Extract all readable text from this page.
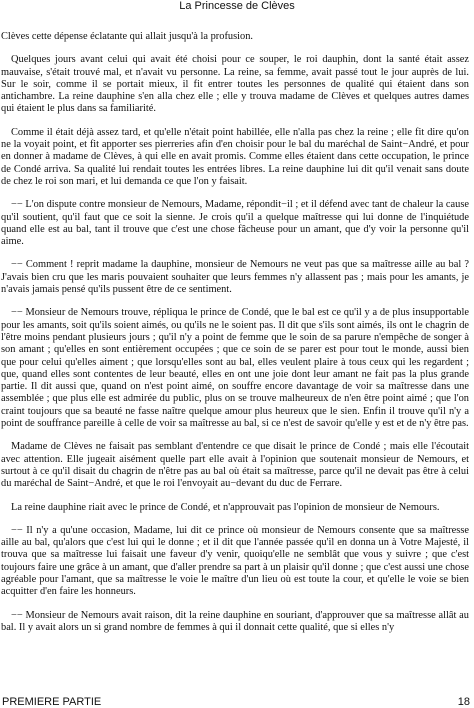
La Princesse de Clèves

Clèves cette dépense éclatante qui allait jusqu'à la profusion.

Quelques jours avant celui qui avait été choisi pour ce souper, le roi dauphin, dont la santé était assez mauvaise, s'était trouvé mal, et n'avait vu personne. La reine, sa femme, avait passé tout le jour auprès de lui. Sur le soir, comme il se portait mieux, il fit entrer toutes les personnes de qualité qui étaient dans son antichambre. La reine dauphine s'en alla chez elle ; elle y trouva madame de Clèves et quelques autres dames qui étaient le plus dans sa familiarité.

Comme il était déjà assez tard, et qu'elle n'était point habillée, elle n'alla pas chez la reine ; elle fit dire qu'on ne la voyait point, et fit apporter ses pierreries afin d'en choisir pour le bal du maréchal de Saint−André, et pour en donner à madame de Clèves, à qui elle en avait promis. Comme elles étaient dans cette occupation, le prince de Condé arriva. Sa qualité lui rendait toutes les entrées libres. La reine dauphine lui dit qu'il venait sans doute de chez le roi son mari, et lui demanda ce que l'on y faisait.

−− L'on dispute contre monsieur de Nemours, Madame, répondit−il ; et il défend avec tant de chaleur la cause qu'il soutient, qu'il faut que ce soit la sienne. Je crois qu'il a quelque maîtresse qui lui donne de l'inquiétude quand elle est au bal, tant il trouve que c'est une chose fâcheuse pour un amant, que d'y voir la personne qu'il aime.

−− Comment ! reprit madame la dauphine, monsieur de Nemours ne veut pas que sa maîtresse aille au bal ? J'avais bien cru que les maris pouvaient souhaiter que leurs femmes n'y allassent pas ; mais pour les amants, je n'avais jamais pensé qu'ils pussent être de ce sentiment.

−− Monsieur de Nemours trouve, répliqua le prince de Condé, que le bal est ce qu'il y a de plus insupportable pour les amants, soit qu'ils soient aimés, ou qu'ils ne le soient pas. Il dit que s'ils sont aimés, ils ont le chagrin de l'être moins pendant plusieurs jours ; qu'il n'y a point de femme que le soin de sa parure n'empêche de songer à son amant ; qu'elles en sont entièrement occupées ; que ce soin de se parer est pour tout le monde, aussi bien que pour celui qu'elles aiment ; que lorsqu'elles sont au bal, elles veulent plaire à tous ceux qui les regardent ; que, quand elles sont contentes de leur beauté, elles en ont une joie dont leur amant ne fait pas la plus grande partie. Il dit aussi que, quand on n'est point aimé, on souffre encore davantage de voir sa maîtresse dans une assemblée ; que plus elle est admirée du public, plus on se trouve malheureux de n'en être point aimé ; que l'on craint toujours que sa beauté ne fasse naître quelque amour plus heureux que le sien. Enfin il trouve qu'il n'y a point de souffrance pareille à celle de voir sa maîtresse au bal, si ce n'est de savoir qu'elle y est et de n'y être pas.

Madame de Clèves ne faisait pas semblant d'entendre ce que disait le prince de Condé ; mais elle l'écoutait avec attention. Elle jugeait aisément quelle part elle avait à l'opinion que soutenait monsieur de Nemours, et surtout à ce qu'il disait du chagrin de n'être pas au bal où était sa maîtresse, parce qu'il ne devait pas être à celui du maréchal de Saint−André, et que le roi l'envoyait au−devant du duc de Ferrare.

La reine dauphine riait avec le prince de Condé, et n'approuvait pas l'opinion de monsieur de Nemours.

−− Il n'y a qu'une occasion, Madame, lui dit ce prince où monsieur de Nemours consente que sa maîtresse aille au bal, qu'alors que c'est lui qui le donne ; et il dit que l'année passée qu'il en donna un à Votre Majesté, il trouva que sa maîtresse lui faisait une faveur d'y venir, quoiqu'elle ne semblât que vous y suivre ; que c'est toujours faire une grâce à un amant, que d'aller prendre sa part à un plaisir qu'il donne ; que c'est aussi une chose agréable pour l'amant, que sa maîtresse le voie le maître d'un lieu où est toute la cour, et qu'elle le voie se bien acquitter d'en faire les honneurs.

−− Monsieur de Nemours avait raison, dit la reine dauphine en souriant, d'approuver que sa maîtresse allât au bal. Il y avait alors un si grand nombre de femmes à qui il donnait cette qualité, que si elles n'y

PREMIERE PARTIE	18
